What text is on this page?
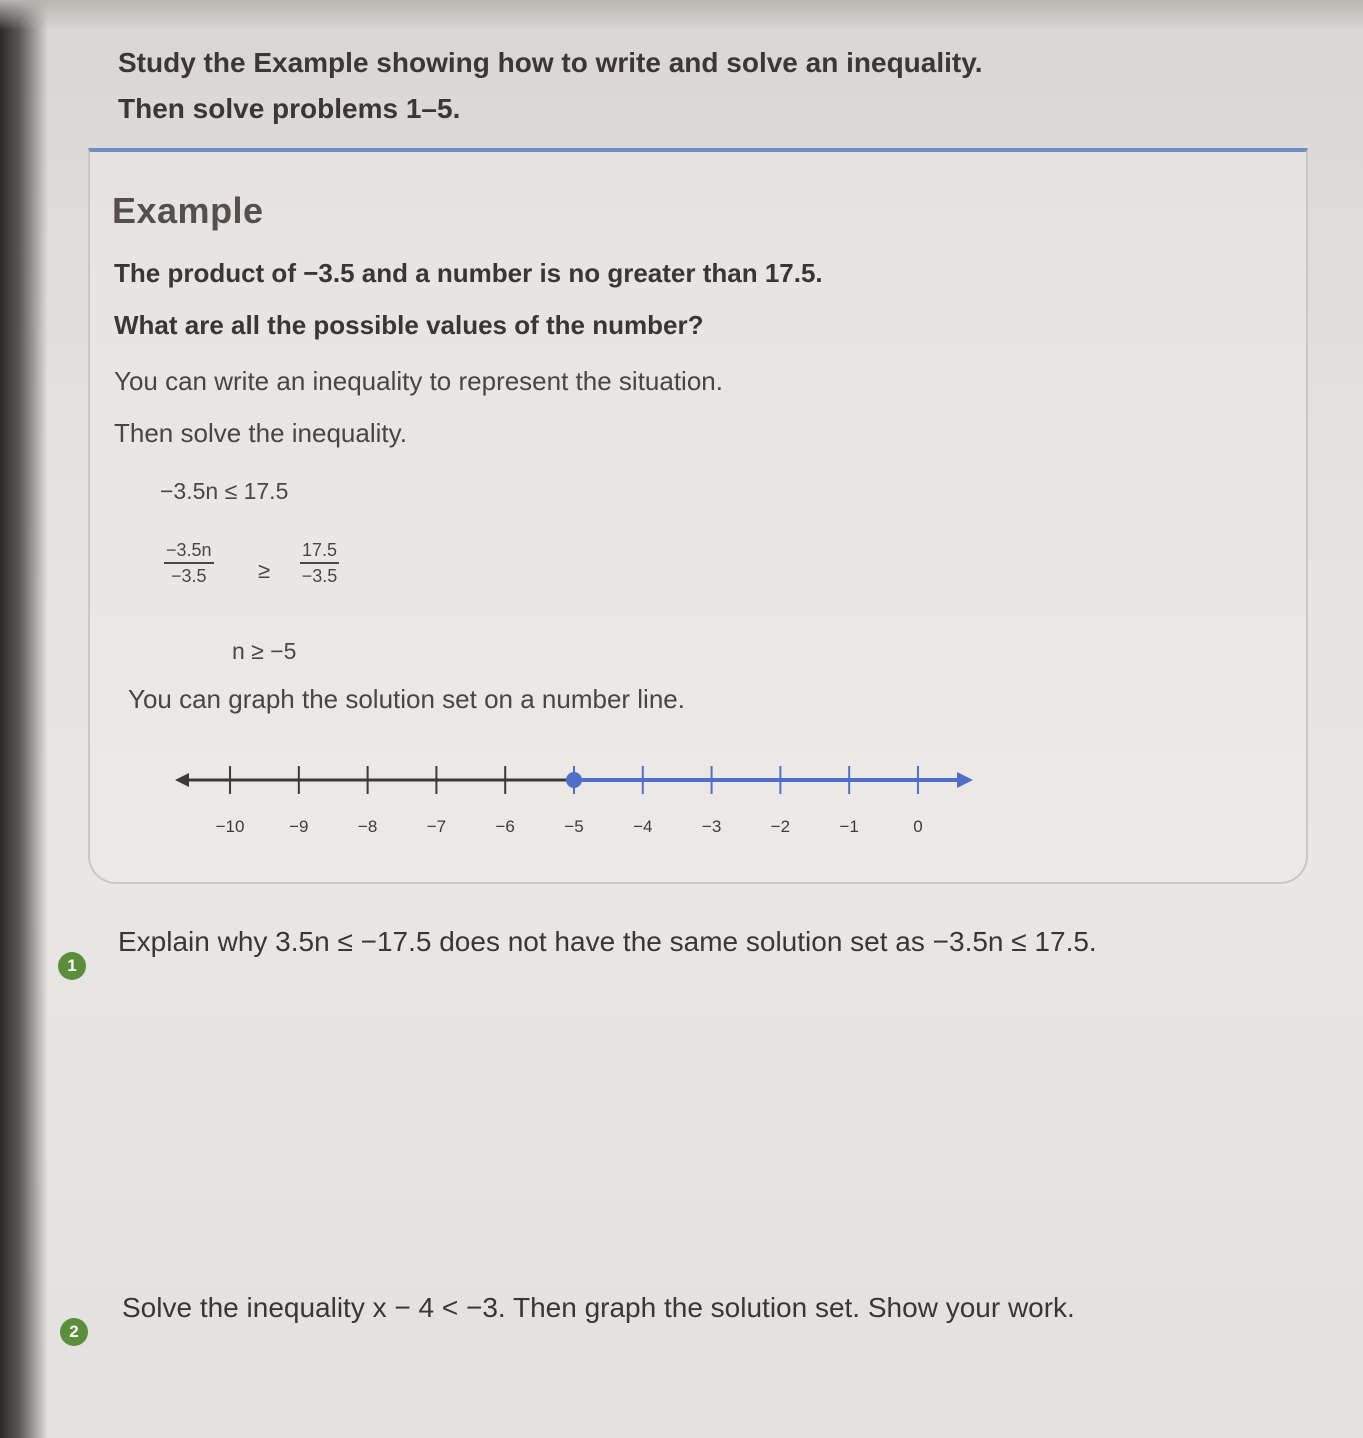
Study the Example showing how to write and solve an inequality.
Then solve problems 1–5.
Example
The product of −3.5 and a number is no greater than 17.5.
What are all the possible values of the number?
You can write an inequality to represent the situation.
Then solve the inequality.
−3.5n ≤ 17.5
$\frac{-3.5n}{-3.5} \ge \frac{17.5}{-3.5}$
n ≥ −5
You can graph the solution set on a number line.
−10	−9	−8	−7	−6	−5	−4	−3	−2	−1	0
1
Explain why 3.5n ≤ −17.5 does not have the same solution set as −3.5n ≤ 17.5.
2
Solve the inequality x − 4 < −3. Then graph the solution set. Show your work.
